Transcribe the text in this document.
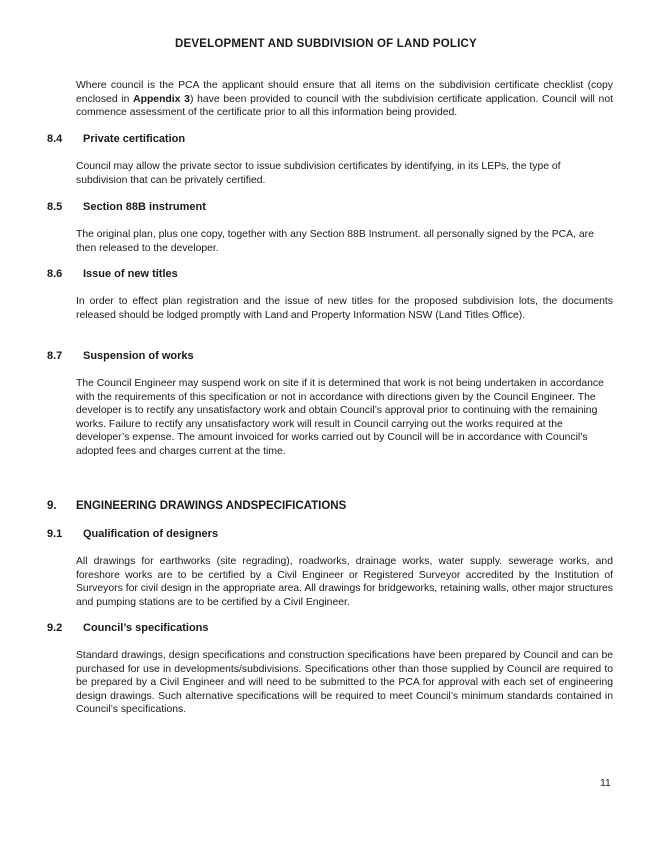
DEVELOPMENT AND SUBDIVISION OF LAND POLICY

Where council is the PCA the applicant should ensure that all items on the subdivision certificate checklist (copy enclosed in Appendix 3) have been provided to council with the subdivision certificate application. Council will not commence assessment of the certificate prior to all this information being provided.

8.4 Private certification

Council may allow the private sector to issue subdivision certificates by identifying, in its LEPs, the type of subdivision that can be privately certified.

8.5 Section 88B instrument

The original plan, plus one copy, together with any Section 88B Instrument. all personally signed by the PCA, are then released to the developer.

8.6 Issue of new titles

In order to effect plan registration and the issue of new titles for the proposed subdivision lots, the documents released should be lodged promptly with Land and Property Information NSW (Land Titles Office).

8.7 Suspension of works

The Council Engineer may suspend work on site if it is determined that work is not being undertaken in accordance with the requirements of this specification or not in accordance with directions given by the Council Engineer. The developer is to rectify any unsatisfactory work and obtain Council’s approval prior to continuing with the remaining works. Failure to rectify any unsatisfactory work will result in Council carrying out the works required at the developer’s expense. The amount invoiced for works carried out by Council will be in accordance with Council’s adopted fees and charges current at the time.

9. ENGINEERING DRAWINGS ANDSPECIFICATIONS
9.1 Qualification of designers

All drawings for earthworks (site regrading), roadworks, drainage works, water supply. sewerage works, and foreshore works are to be certified by a Civil Engineer or Registered Surveyor accredited by the Institution of Surveyors for civil design in the appropriate area. All drawings for bridgeworks, retaining walls, other major structures and pumping stations are to be certified by a Civil Engineer.

9.2 Council’s specifications

Standard drawings, design specifications and construction specifications have been prepared by Council and can be purchased for use in developments/subdivisions. Specifications other than those supplied by Council are required to be prepared by a Civil Engineer and will need to be submitted to the PCA for approval with each set of engineering design drawings. Such alternative specifications will be required to meet Council’s minimum standards contained in Council’s specifications.

11
